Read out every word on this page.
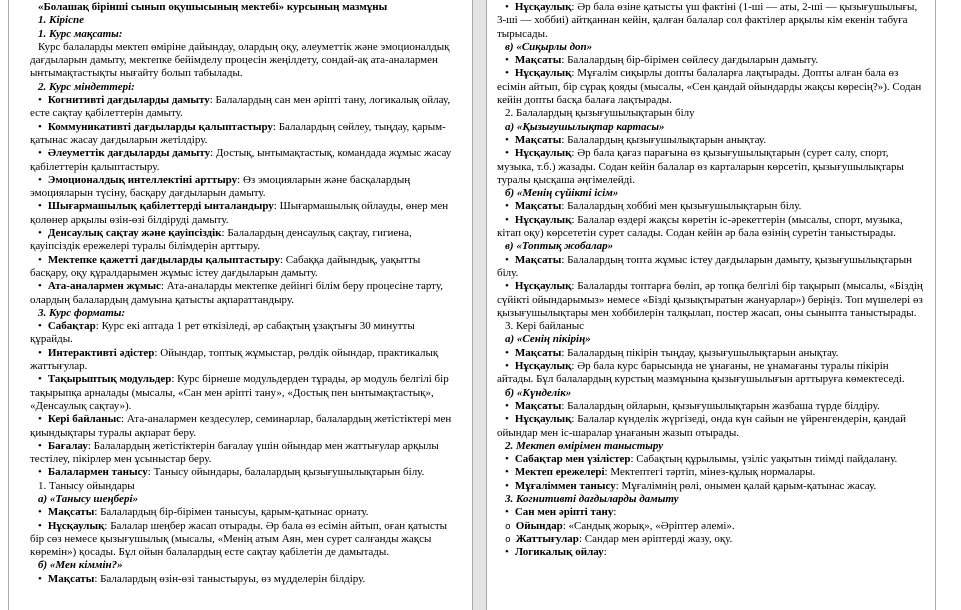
«Болашақ бірінші сынып оқушысының мектебі» курсының мазмұны
1. Кіріспе
1. Курс мақсаты:
Курс балаларды мектеп өміріне дайындау, олардың оқу, әлеуметтік және эмоционалдық дағдыларын дамыту, мектепке бейімделу процесін жеңілдету, сондай-ақ ата-аналармен ынтымақтастықты нығайту болып табылады.
2. Курс міндеттері:
• Когнитивті дағдыларды дамыту: Балалардың сан мен әріпті тану, логикалық ойлау, есте сақтау қабілеттерін дамыту.
• Коммуникативті дағдыларды қалыптастыру: Балалардың сөйлеу, тыңдау, қарым-қатынас жасау дағдыларын жетілдіру.
• Әлеуметтік дағдыларды дамыту: Достық, ынтымақтастық, командада жұмыс жасау қабілеттерін қалыптастыру.
• Эмоционалдық интеллектіні арттыру: Өз эмоцияларын және басқалардың эмоцияларын түсіну, басқару дағдыларын дамыту.
• Шығармашылық қабілеттерді ынталандыру: Шығармашылық ойлауды, өнер мен қолөнер арқылы өзін-өзі білдіруді дамыту.
• Денсаулық сақтау және қауіпсіздік: Балалардың денсаулық сақтау, гигиена, қауіпсіздік ережелері туралы білімдерін арттыру.
• Мектепке қажетті дағдыларды қалыптастыру: Сабаққа дайындық, уақытты басқару, оқу құралдарымен жұмыс істеу дағдыларын дамыту.
• Ата-аналармен жұмыс: Ата-аналарды мектепке дейінгі білім беру процесіне тарту, олардың балалардың дамуына қатысты ақпараттандыру.
3. Курс форматы:
• Сабақтар: Курс екі аптада 1 рет өткізіледі, әр сабақтың ұзақтығы 30 минутты құрайды.
• Интерактивті әдістер: Ойындар, топтық жұмыстар, рөлдік ойындар, практикалық жаттығулар.
• Тақырыптық модульдер: Курс бірнеше модульдерден тұрады, әр модуль белгілі бір тақырыпқа арналады (мысалы, «Сан мен әріпті тану», «Достық пен ынтымақтастық», «Денсаулық сақтау»).
• Кері байланыс: Ата-аналармен кездесулер, семинарлар, балалардың жетістіктері мен қиындықтары туралы ақпарат беру.
• Бағалау: Балалардың жетістіктерін бағалау үшін ойындар мен жаттығулар арқылы тестілеу, пікірлер мен ұсыныстар беру.
• Балалармен танысу: Танысу ойындары, балалардың қызығушылықтарын білу.
1. Танысу ойындары
а) «Танысу шеңбері»
• Мақсаты: Балалардың бір-бірімен танысуы, қарым-қатынас орнату.
• Нұсқаулық: Балалар шеңбер жасап отырады. Әр бала өз есімін айтып, оған қатысты бір сөз немесе қызығушылық (мысалы, «Менің атым Аян, мен сурет салғанды жақсы көремін») қосады. Бұл ойын балалардың есте сақтау қабілетін де дамытады.
б) «Мен кіммін?»
• Мақсаты: Балалардың өзін-өзі таныстыруы, өз мүдделерін білдіру.
• Нұсқаулық: Әр бала өзіне қатысты үш фактіні (1-ші — аты, 2-ші — қызығушылығы, 3-ші — хоббиі) айтқаннан кейін, қалған балалар сол фактілер арқылы кім екенін табуға тырысады.
в) «Сиқырлы доп»
• Мақсаты: Балалардың бір-бірімен сөйлесу дағдыларын дамыту.
• Нұсқаулық: Мұғалім сиқырлы допты балаларға лақтырады. Допты алған бала өз есімін айтып, бір сұрақ қояды (мысалы, «Сен қандай ойындарды жақсы көресің?»). Содан кейін допты басқа балаға лақтырады.
2. Балалардың қызығушылықтарын білу
а) «Қызығушылықтар картасы»
• Мақсаты: Балалардың қызығушылықтарын анықтау.
• Нұсқаулық: Әр бала қағаз парағына өз қызығушылықтарын (сурет салу, спорт, музыка, т.б.) жазады. Содан кейін балалар өз карталарын көрсетіп, қызығушылықтары туралы қысқаша әңгімелейді.
б) «Менің сүйікті ісім»
• Мақсаты: Балалардың хоббиі мен қызығушылықтарын білу.
• Нұсқаулық: Балалар өздері жақсы көретін іс-әрекеттерін (мысалы, спорт, музыка, кітап оқу) көрсететін сурет салады. Содан кейін әр бала өзінің суретін таныстырады.
в) «Топтық жобалар»
• Мақсаты: Балалардың топта жұмыс істеу дағдыларын дамыту, қызығушылықтарын білу.
• Нұсқаулық: Балаларды топтарға бөліп, әр топқа белгілі бір тақырып (мысалы, «Біздің сүйікті ойындарымыз» немесе «Бізді қызықтыратын жануарлар») беріңіз. Топ мүшелері өз қызығушылықтары мен хоббилерін талқылап, постер жасап, оны сыныпта таныстырады.
3. Кері байланыс
а) «Сенің пікірің»
• Мақсаты: Балалардың пікірін тыңдау, қызығушылықтарын анықтау.
• Нұсқаулық: Әр бала курс барысында не ұнағаны, не ұнамағаны туралы пікірін айтады. Бұл балалардың курстың мазмұнына қызығушылығын арттыруға көмектеседі.
б) «Күнделік»
• Мақсаты: Балалардың ойларын, қызығушылықтарын жазбаша түрде білдіру.
• Нұсқаулық: Балалар күнделік жүргізеді, онда күн сайын не үйренгендерін, қандай ойындар мен іс-шаралар ұнағанын жазып отырады.
2. Мектеп өмірімен таныстыру
• Сабақтар мен үзілістер: Сабақтың құрылымы, үзіліс уақытын тиімді пайдалану.
• Мектеп ережелері: Мектептегі тәртіп, мінез-құлық нормалары.
• Мұғаліммен танысу: Мұғалімнің рөлі, онымен қалай қарым-қатынас жасау.
3. Когнитивті дағдыларды дамыту
• Сан мен әріпті тану:
o Ойындар: «Сандық жорық», «Әріптер әлемі».
o Жаттығулар: Сандар мен әріптерді жазу, оқу.
• Логикалық ойлау:
